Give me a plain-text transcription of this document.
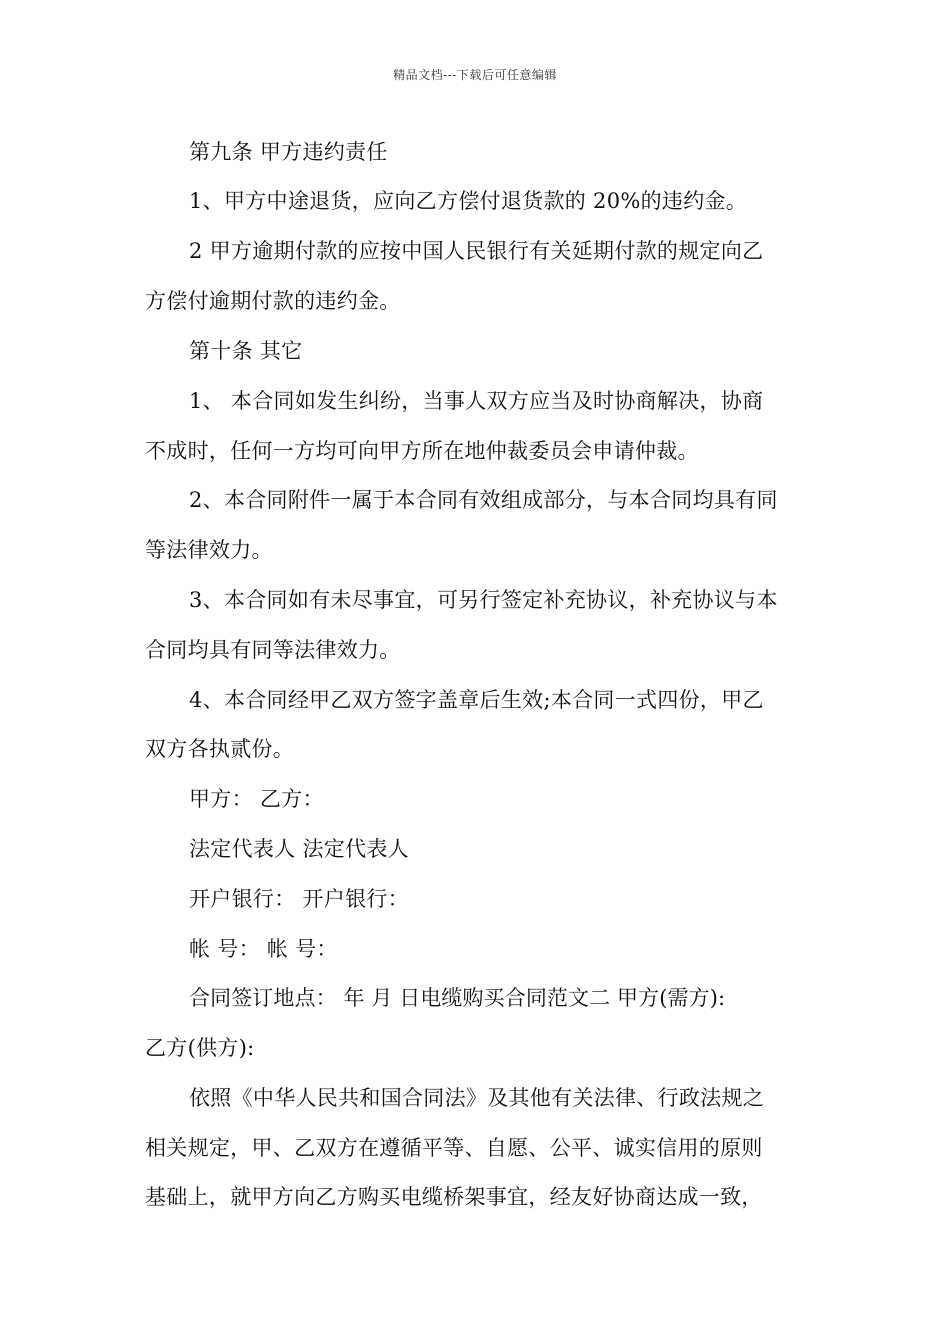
精品文档---下载后可任意编辑
第九条 甲方违约责任
1、甲方中途退货，应向乙方偿付退货款的 20%的违约金。
2 甲方逾期付款的应按中国人民银行有关延期付款的规定向乙
方偿付逾期付款的违约金。
第十条 其它
1、 本合同如发生纠纷，当事人双方应当及时协商解决，协商
不成时，任何一方均可向甲方所在地仲裁委员会申请仲裁。
2、本合同附件一属于本合同有效组成部分，与本合同均具有同
等法律效力。
3、本合同如有未尽事宜，可另行签定补充协议，补充协议与本
合同均具有同等法律效力。
4、本合同经甲乙双方签字盖章后生效;本合同一式四份，甲乙
双方各执贰份。
甲方： 乙方：
法定代表人 法定代表人
开户银行： 开户银行：
帐 号： 帐 号：
合同签订地点： 年 月 日电缆购买合同范文二 甲方(需方):
乙方(供方):
依照《中华人民共和国合同法》及其他有关法律、行政法规之
相关规定，甲、乙双方在遵循平等、自愿、公平、诚实信用的原则
基础上，就甲方向乙方购买电缆桥架事宜，经友好协商达成一致，
